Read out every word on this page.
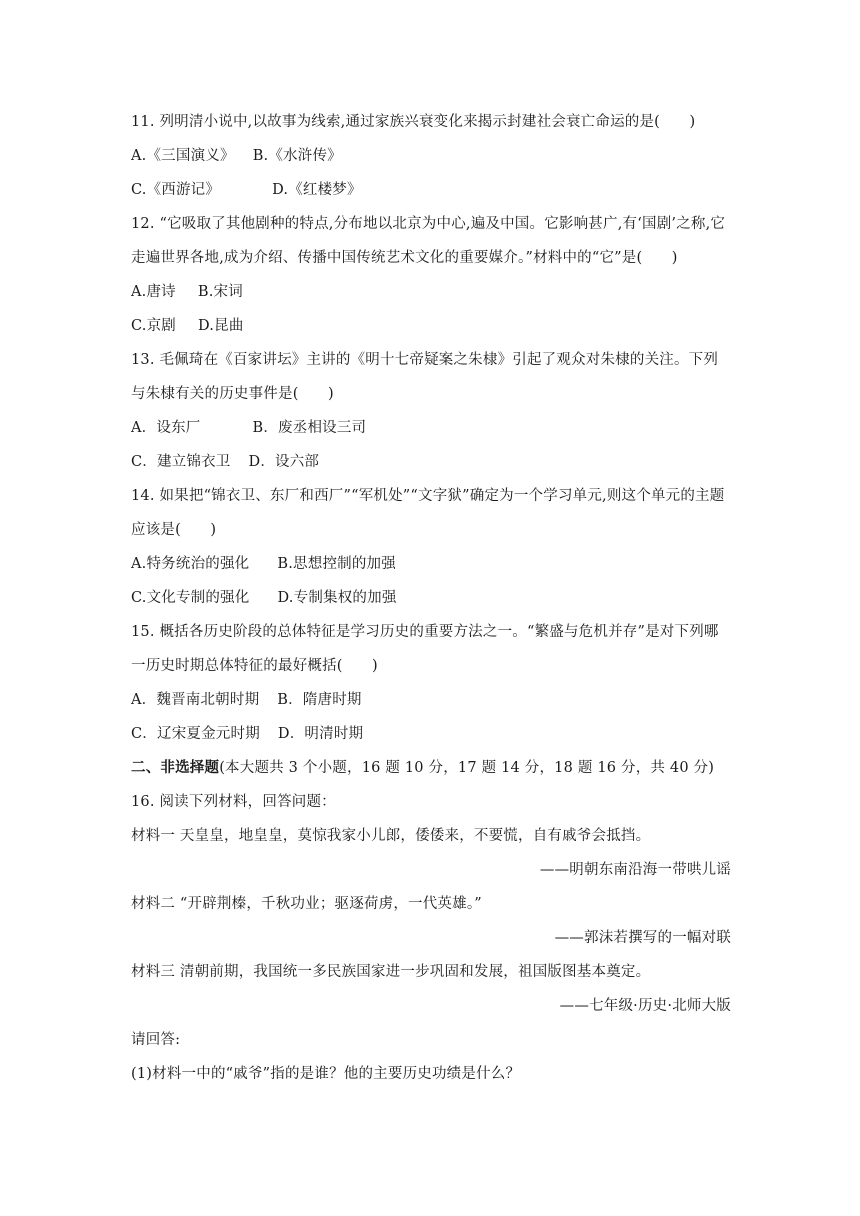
11. 列明清小说中,以故事为线索,通过家族兴衰变化来揭示封建社会衰亡命运的是(　　)
A.《三国演义》 B.《水浒传》
C.《西游记》	D.《红楼梦》
12. “它吸取了其他剧种的特点,分布地以北京为中心,遍及中国。它影响甚广,有‘国剧’之称,它
走遍世界各地,成为介绍、传播中国传统艺术文化的重要媒介。”材料中的“它”是(　　)
A.唐诗 B.宋词
C.京剧 D.昆曲
13. 毛佩琦在《百家讲坛》主讲的《明十七帝疑案之朱棣》引起了观众对朱棣的关注。下列
与朱棣有关的历史事件是(　　)
A．设东厂	B．废丞相设三司
C．建立锦衣卫 D．设六部
14. 如果把“锦衣卫、东厂和西厂”“军机处”“文字狱”确定为一个学习单元,则这个单元的主题
应该是(　　)
A.特务统治的强化 B.思想控制的加强
C.文化专制的强化 D.专制集权的加强
15. 概括各历史阶段的总体特征是学习历史的重要方法之一。“繁盛与危机并存”是对下列哪
一历史时期总体特征的最好概括(　　)
A．魏晋南北朝时期 B．隋唐时期
C．辽宋夏金元时期 D．明清时期
二、非选择题(本大题共 3 个小题，16 题 10 分，17 题 14 分，18 题 16 分，共 40 分)
16. 阅读下列材料，回答问题：
材料一 天皇皇，地皇皇，莫惊我家小儿郎，倭倭来，不要慌，自有戚爷会抵挡。
——明朝东南沿海一带哄儿谣
材料二 “开辟荆榛，千秋功业；驱逐荷虏，一代英雄。”
——郭沫若撰写的一幅对联
材料三 清朝前期，我国统一多民族国家进一步巩固和发展，祖国版图基本奠定。
——七年级·历史·北师大版
请回答:
(1)材料一中的“戚爷”指的是谁？他的主要历史功绩是什么？
